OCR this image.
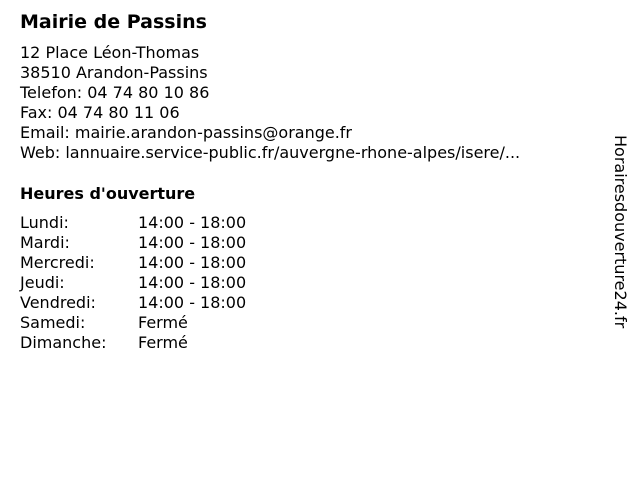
Mairie de Passins
12 Place Léon-Thomas
38510 Arandon-Passins
Telefon: 04 74 80 10 86
Fax: 04 74 80 11 06
Email: mairie.arandon-passins@orange.fr
Web: lannuaire.service-public.fr/auvergne-rhone-alpes/isere/...
Heures d'ouverture
Lundi:	14:00 - 18:00
Mardi:	14:00 - 18:00
Mercredi:	14:00 - 18:00
Jeudi:	14:00 - 18:00
Vendredi:	14:00 - 18:00
Samedi:	Fermé
Dimanche:	Fermé
Horairesdouverture24.fr
